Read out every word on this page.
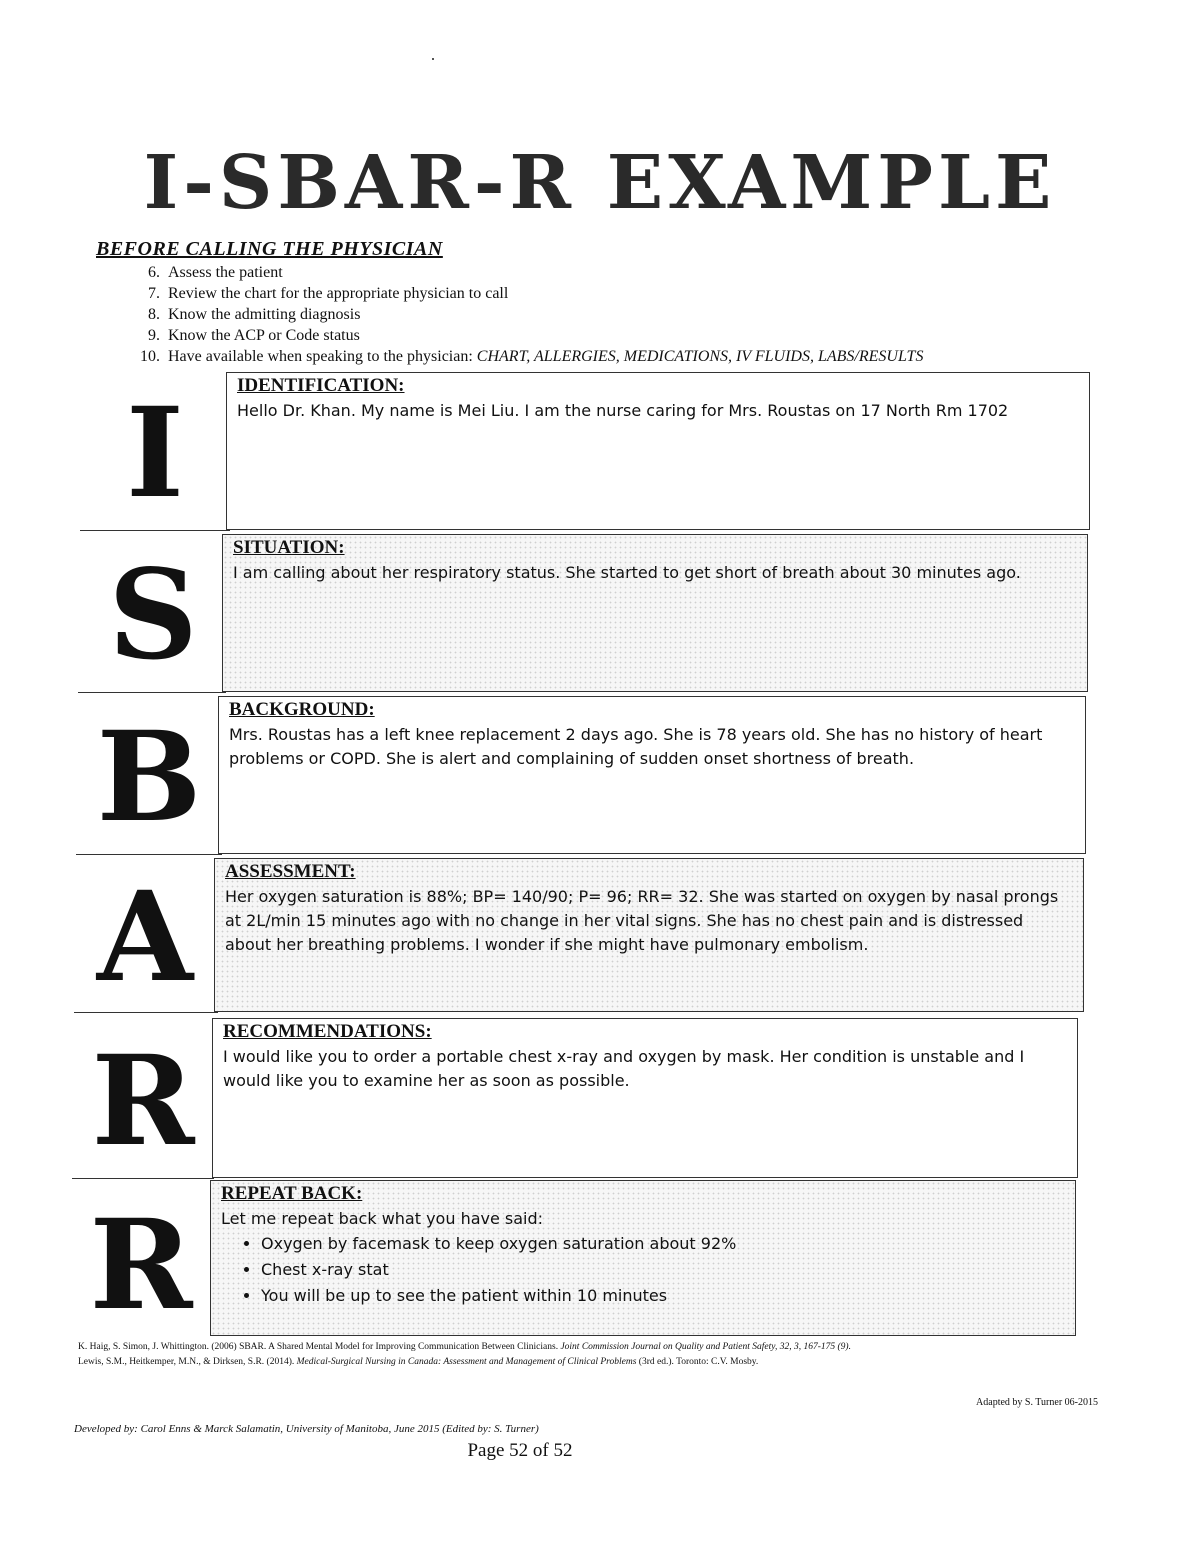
I-SBAR-R EXAMPLE
BEFORE CALLING THE PHYSICIAN
6. Assess the patient
7. Review the chart for the appropriate physician to call
8. Know the admitting diagnosis
9. Know the ACP or Code status
10. Have available when speaking to the physician: CHART, ALLERGIES, MEDICATIONS, IV FLUIDS, LABS/RESULTS
I	IDENTIFICATION:

Hello Dr. Khan. My name is Mei Liu. I am the nurse caring for Mrs. Roustas on 17 North Rm 1702

S	SITUATION:

I am calling about her respiratory status. She started to get short of breath about 30 minutes ago.

B	BACKGROUND:

Mrs. Roustas has a left knee replacement 2 days ago. She is 78 years old. She has no history of heart problems or COPD. She is alert and complaining of sudden onset shortness of breath.

A	ASSESSMENT:

Her oxygen saturation is 88%; BP= 140/90; P= 96; RR= 32. She was started on oxygen by nasal prongs at 2L/min 15 minutes ago with no change in her vital signs. She has no chest pain and is distressed about her breathing problems. I wonder if she might have pulmonary embolism.

R	RECOMMENDATIONS:

I would like you to order a portable chest x-ray and oxygen by mask. Her condition is unstable and I would like you to examine her as soon as possible.

R	REPEAT BACK:

Let me repeat back what you have said:

• Oxygen by facemask to keep oxygen saturation about 92%
• Chest x-ray stat
• You will be up to see the patient within 10 minutes
K. Haig, S. Simon, J. Whittington. (2006) SBAR. A Shared Mental Model for Improving Communication Between Clinicians. Joint Commission Journal on Quality and Patient Safety, 32, 3, 167-175 (9).
Lewis, S.M., Heitkemper, M.N., & Dirksen, S.R. (2014). Medical-Surgical Nursing in Canada: Assessment and Management of Clinical Problems (3rd ed.). Toronto: C.V. Mosby.
Adapted by S. Turner 06-2015
Developed by: Carol Enns & Marck Salamatin, University of Manitoba, June 2015 (Edited by: S. Turner)
Page 52 of 52
